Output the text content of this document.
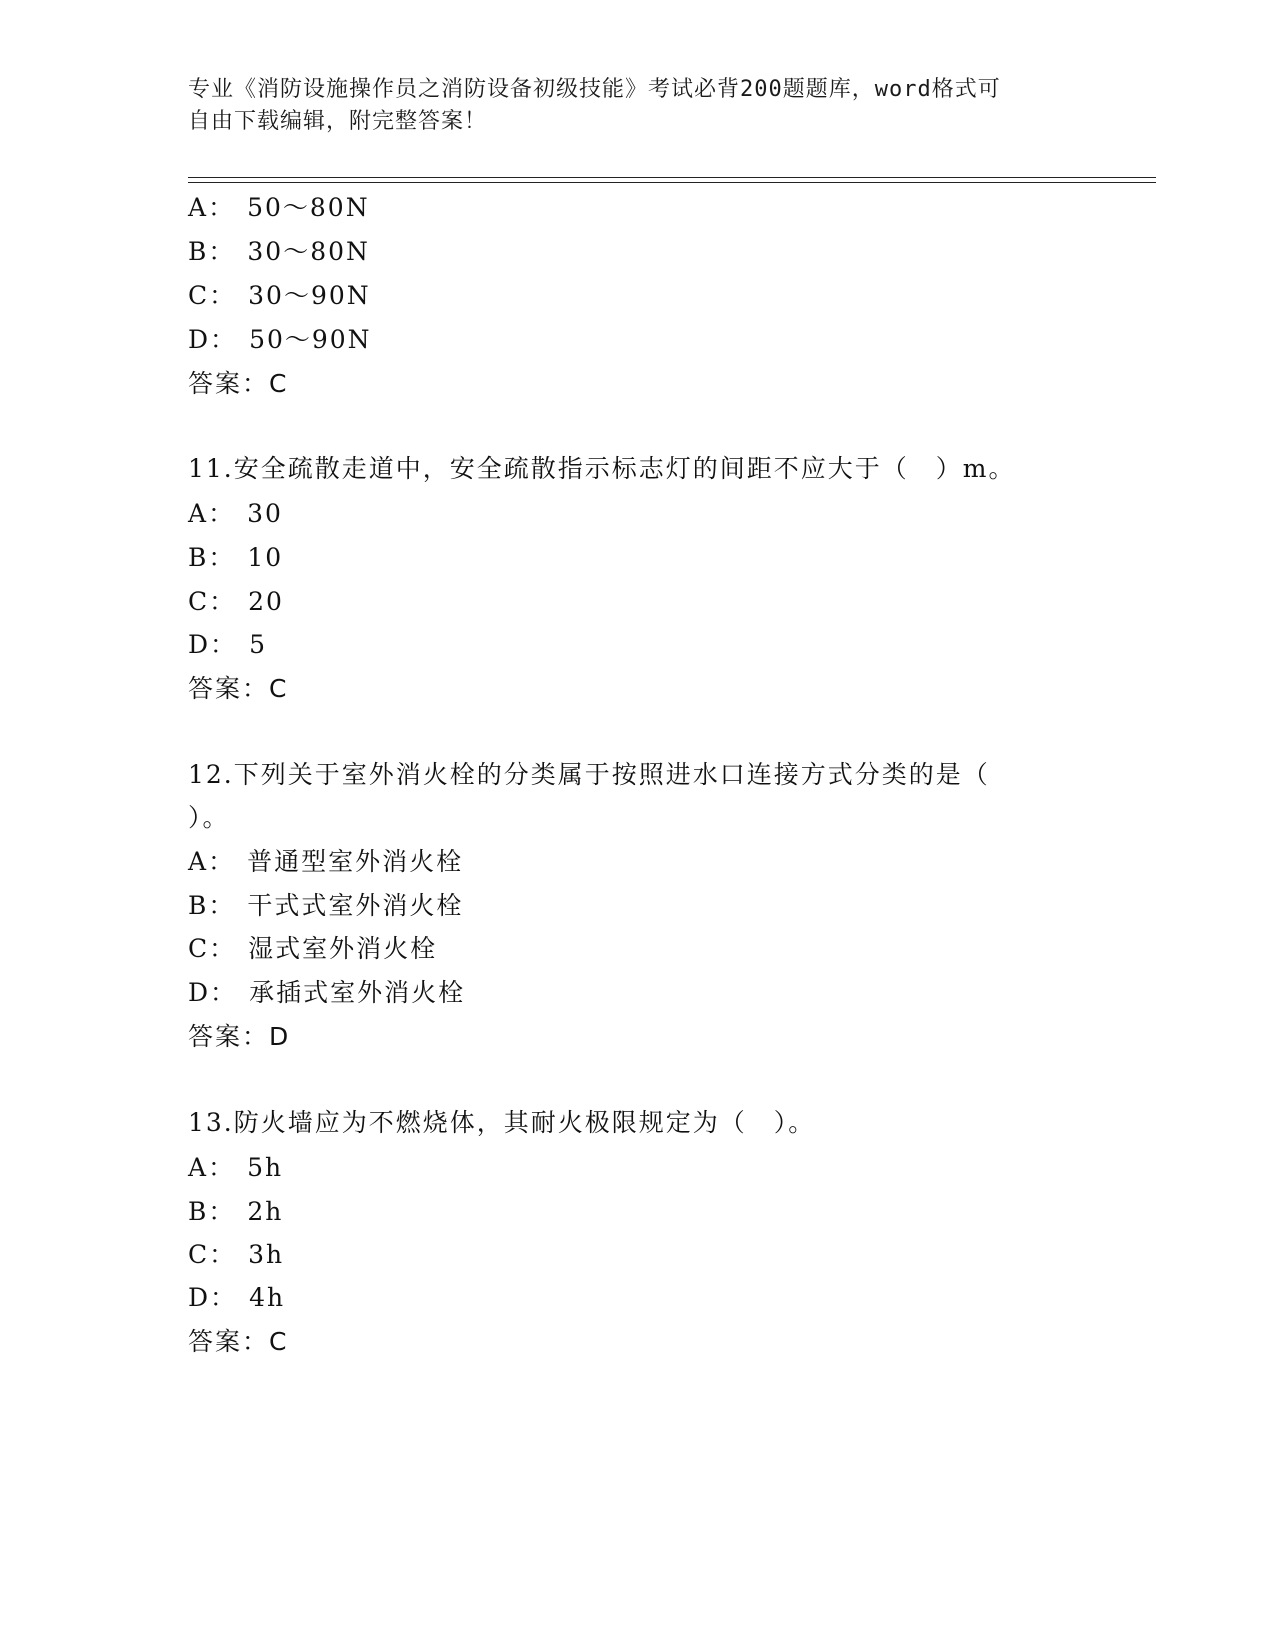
专业《消防设施操作员之消防设备初级技能》考试必背200题题库，word格式可
自由下载编辑，附完整答案！
A： 50～80N
B： 30～80N
C： 30～90N
D： 50～90N
答案：C
11.安全疏散走道中，安全疏散指示标志灯的间距不应大于（　）m。
A： 30
B： 10
C： 20
D： 5
答案：C
12.下列关于室外消火栓的分类属于按照进水口连接方式分类的是（
）。
A： 普通型室外消火栓
B： 干式式室外消火栓
C： 湿式室外消火栓
D： 承插式室外消火栓
答案：D
13.防火墙应为不燃烧体，其耐火极限规定为（　）。
A： 5h
B： 2h
C： 3h
D： 4h
答案：C
